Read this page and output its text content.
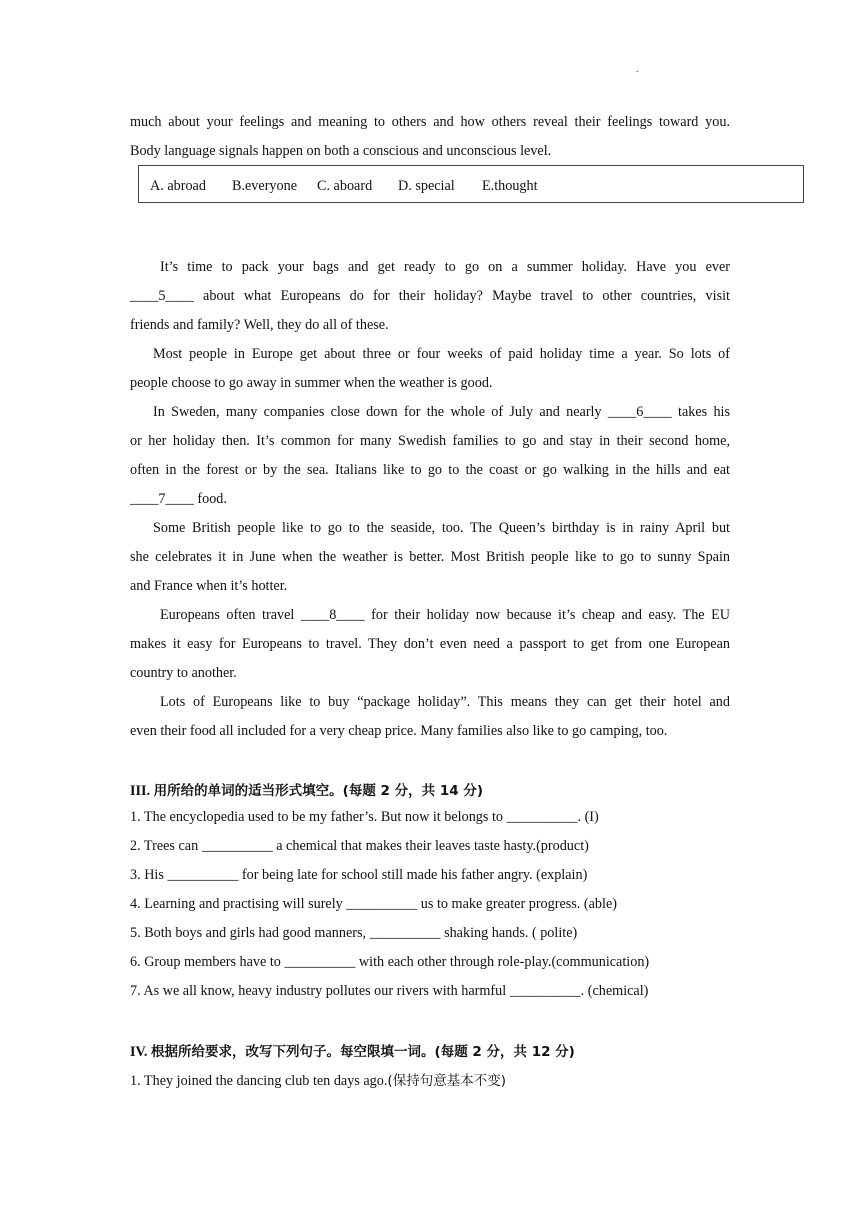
.
much about your feelings and meaning to others and how others reveal their feelings toward you.
Body language signals happen on both a conscious and unconscious level.
A. abroad B.everyone C. aboard D. special E.thought
It’s time to pack your bags and get ready to go on a summer holiday. Have you ever
____5____ about what Europeans do for their holiday? Maybe travel to other countries, visit
friends and family? Well, they do all of these.
Most people in Europe get about three or four weeks of paid holiday time a year. So lots of
people choose to go away in summer when the weather is good.
In Sweden, many companies close down for the whole of July and nearly ____6____ takes his
or her holiday then. It’s common for many Swedish families to go and stay in their second home,
often in the forest or by the sea. Italians like to go to the coast or go walking in the hills and eat
____7____ food.
Some British people like to go to the seaside, too. The Queen’s birthday is in rainy April but
she celebrates it in June when the weather is better. Most British people like to go to sunny Spain
and France when it’s hotter.
Europeans often travel ____8____ for their holiday now because it’s cheap and easy. The EU
makes it easy for Europeans to travel. They don’t even need a passport to get from one European
country to another.
Lots of Europeans like to buy “package holiday”. This means they can get their hotel and
even their food all included for a very cheap price. Many families also like to go camping, too.
III. 用所给的单词的适当形式填空。(每题 2 分，共 14 分)
1. The encyclopedia used to be my father’s. But now it belongs to __________. (I)
2. Trees can __________ a chemical that makes their leaves taste hasty.(product)
3. His __________ for being late for school still made his father angry. (explain)
4. Learning and practising will surely __________ us to make greater progress. (able)
5. Both boys and girls had good manners, __________ shaking hands. ( polite)
6. Group members have to __________ with each other through role-play.(communication)
7. As we all know, heavy industry pollutes our rivers with harmful __________. (chemical)
IV. 根据所给要求，改写下列句子。每空限填一词。(每题 2 分，共 12 分)
1. They joined the dancing club ten days ago.(保持句意基本不变)
